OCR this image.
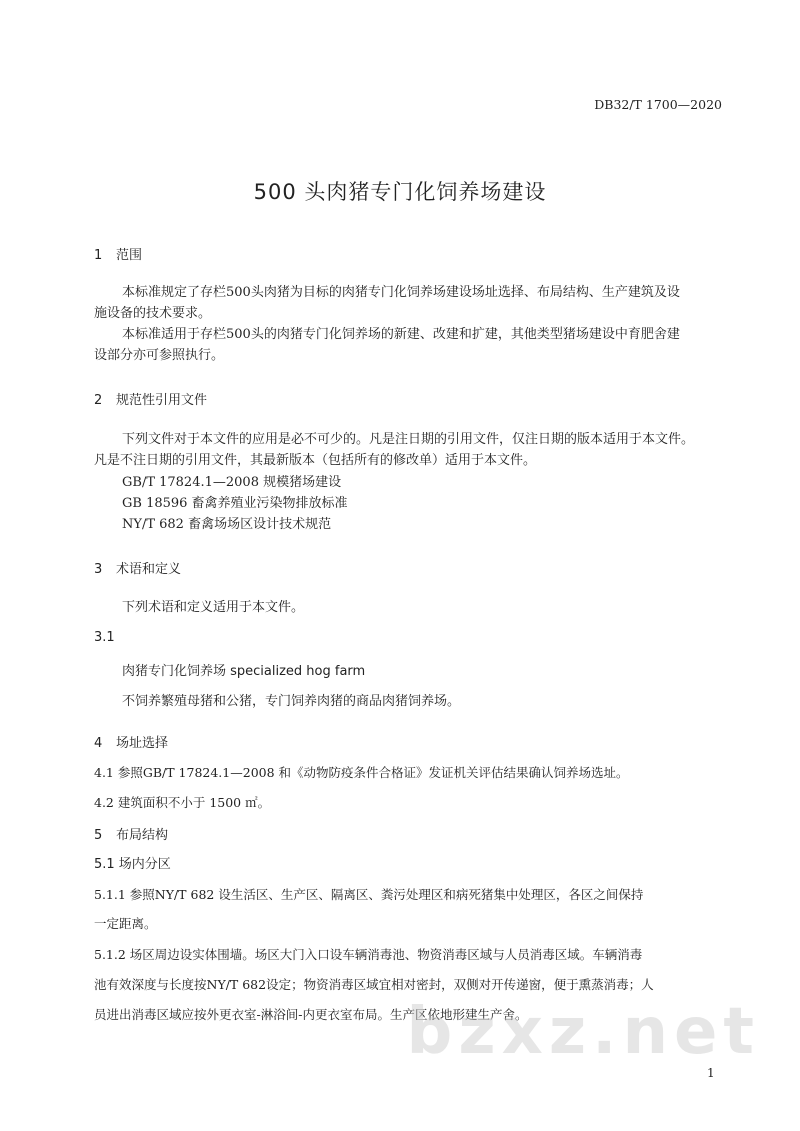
DB32/T 1700—2020
500 头肉猪专门化饲养场建设
1 范围
本标准规定了存栏500头肉猪为目标的肉猪专门化饲养场建设场址选择、布局结构、生产建筑及设
施设备的技术要求。
本标准适用于存栏500头的肉猪专门化饲养场的新建、改建和扩建，其他类型猪场建设中育肥舍建
设部分亦可参照执行。
2 规范性引用文件
下列文件对于本文件的应用是必不可少的。凡是注日期的引用文件，仅注日期的版本适用于本文件。
凡是不注日期的引用文件，其最新版本（包括所有的修改单）适用于本文件。
GB/T 17824.1—2008 规模猪场建设
GB 18596 畜禽养殖业污染物排放标准
NY/T 682 畜禽场场区设计技术规范
3 术语和定义
下列术语和定义适用于本文件。
3.1
肉猪专门化饲养场 specialized hog farm
不饲养繁殖母猪和公猪，专门饲养肉猪的商品肉猪饲养场。
4 场址选择
4.1 参照GB/T 17824.1—2008 和《动物防疫条件合格证》发证机关评估结果确认饲养场选址。
4.2 建筑面积不小于 1500 ㎡。
5 布局结构
5.1 场内分区
5.1.1 参照NY/T 682 设生活区、生产区、隔离区、粪污处理区和病死猪集中处理区，各区之间保持
一定距离。
5.1.2 场区周边设实体围墙。场区大门入口设车辆消毒池、物资消毒区域与人员消毒区域。车辆消毒
池有效深度与长度按NY/T 682设定；物资消毒区域宜相对密封，双侧对开传递窗，便于熏蒸消毒；人
员进出消毒区域应按外更衣室-淋浴间-内更衣室布局。生产区依地形建生产舍。
bzxz.net
1
